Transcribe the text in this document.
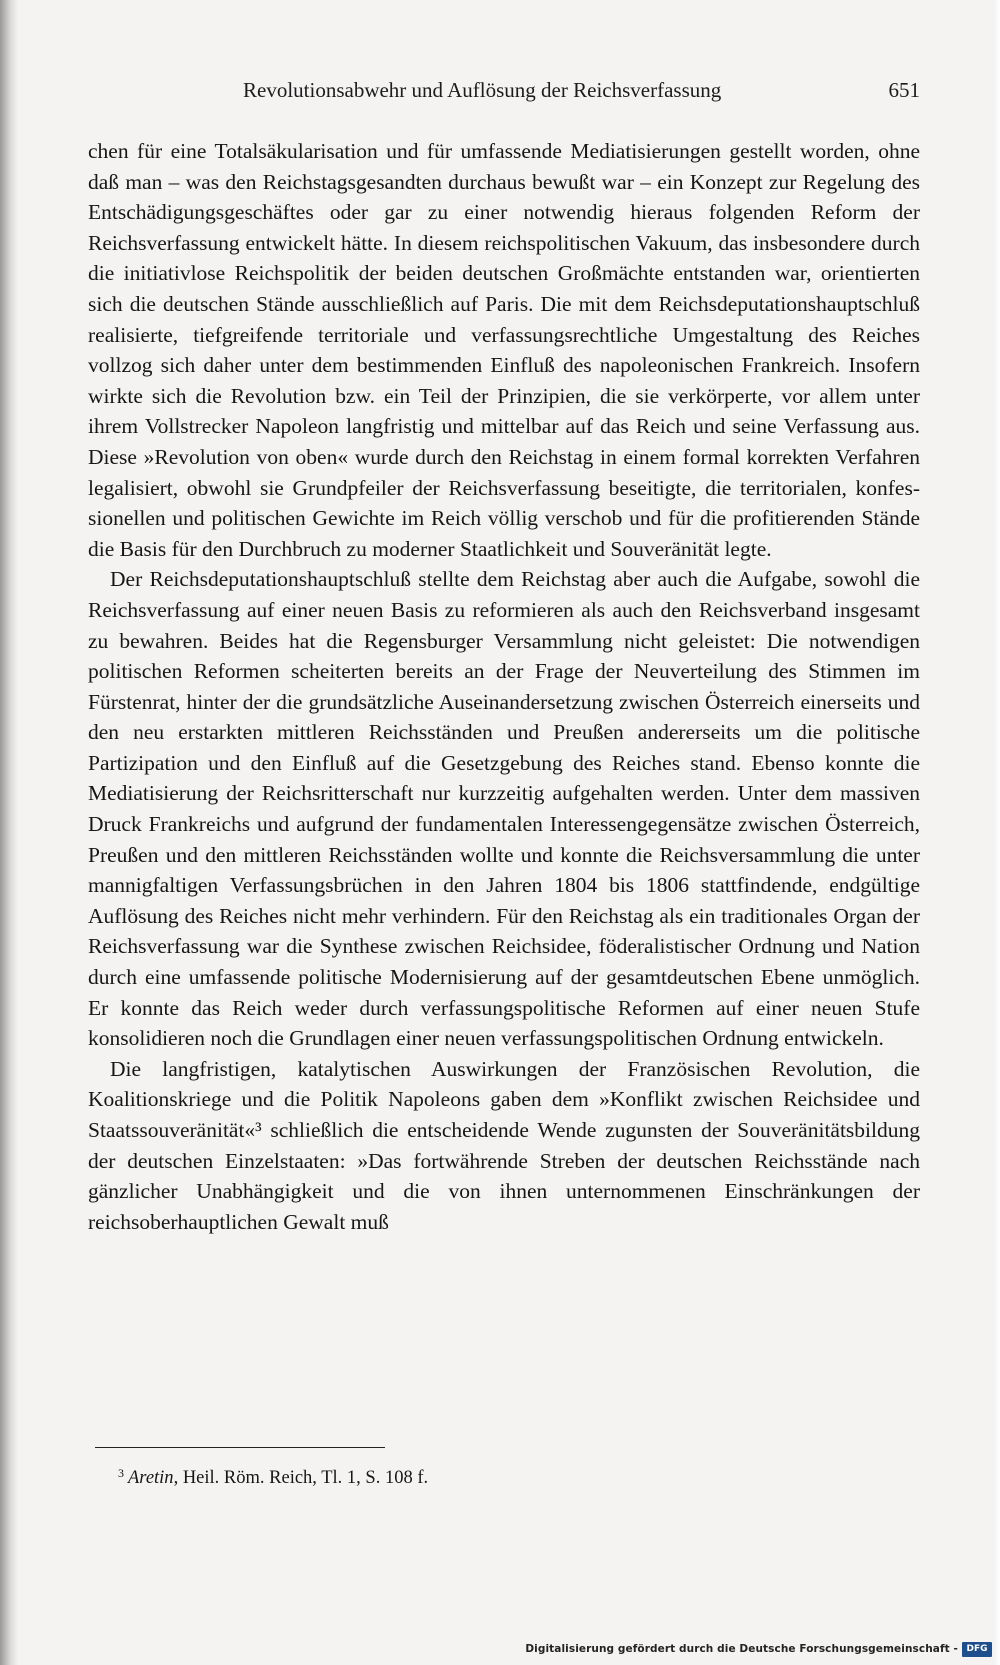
Revolutionsabwehr und Auflösung der Reichsverfassung	651

chen für eine Totalsäkularisation und für umfassende Mediatisierungen gestellt worden, ohne daß man – was den Reichstagsgesandten durchaus bewußt war – ein Konzept zur Regelung des Entschädigungsgeschäftes oder gar zu einer notwendig hieraus folgenden Reform der Reichsverfassung entwickelt hätte. In diesem reichspolitischen Vakuum, das insbesondere durch die initiativlose Reichspolitik der beiden deutschen Großmächte entstanden war, orientierten sich die deutschen Stände ausschließlich auf Paris. Die mit dem Reichsdeputationshauptschluß realisierte, tiefgreifende territoriale und verfassungsrechtliche Umgestaltung des Reiches vollzog sich daher unter dem bestimmenden Einfluß des napoleonischen Frankreich. Insofern wirkte sich die Revolution bzw. ein Teil der Prinzipien, die sie verkörperte, vor allem unter ihrem Vollstrecker Napoleon langfristig und mittelbar auf das Reich und seine Verfassung aus. Diese »Revolution von oben« wurde durch den Reichstag in einem formal korrekten Verfahren legalisiert, obwohl sie Grundpfeiler der Reichsverfassung beseitigte, die territorialen, konfessionellen und politischen Gewichte im Reich völlig verschob und für die profitierenden Stände die Basis für den Durchbruch zu moderner Staatlichkeit und Souveränität legte.

Der Reichsdeputationshauptschluß stellte dem Reichstag aber auch die Aufgabe, sowohl die Reichsverfassung auf einer neuen Basis zu reformieren als auch den Reichsverband insgesamt zu bewahren. Beides hat die Regensburger Versammlung nicht geleistet: Die notwendigen politischen Reformen scheiterten bereits an der Frage der Neuverteilung des Stimmen im Fürstenrat, hinter der die grundsätzliche Auseinandersetzung zwischen Österreich einerseits und den neu erstarkten mittleren Reichsständen und Preußen andererseits um die politische Partizipation und den Einfluß auf die Gesetzgebung des Reiches stand. Ebenso konnte die Mediatisierung der Reichsritterschaft nur kurzzeitig aufgehalten werden. Unter dem massiven Druck Frankreichs und aufgrund der fundamentalen Interessengegensätze zwischen Österreich, Preußen und den mittleren Reichsständen wollte und konnte die Reichsversammlung die unter mannigfaltigen Verfassungsbrüchen in den Jahren 1804 bis 1806 stattfindende, endgültige Auflösung des Reiches nicht mehr verhindern. Für den Reichstag als ein traditionales Organ der Reichsverfassung war die Synthese zwischen Reichsidee, föderalistischer Ordnung und Nation durch eine umfassende politische Modernisierung auf der gesamtdeutschen Ebene unmöglich. Er konnte das Reich weder durch verfassungspolitische Reformen auf einer neuen Stufe konsolidieren noch die Grundlagen einer neuen verfassungspolitischen Ordnung entwickeln.

Die langfristigen, katalytischen Auswirkungen der Französischen Revolution, die Koalitionskriege und die Politik Napoleons gaben dem »Konflikt zwischen Reichsidee und Staatssouveränität«³ schließlich die entscheidende Wende zugunsten der Souveränitätsbildung der deutschen Einzelstaaten: »Das fortwährende Streben der deutschen Reichsstände nach gänzlicher Unabhängigkeit und die von ihnen unternommenen Einschränkungen der reichsoberhauptlichen Gewalt muß

$^3$ Aretin, Heil. Röm. Reich, Tl. 1, S. 108 f.
Digitalisierung gefördert durch die Deutsche Forschungsgemeinschaft - DFG
